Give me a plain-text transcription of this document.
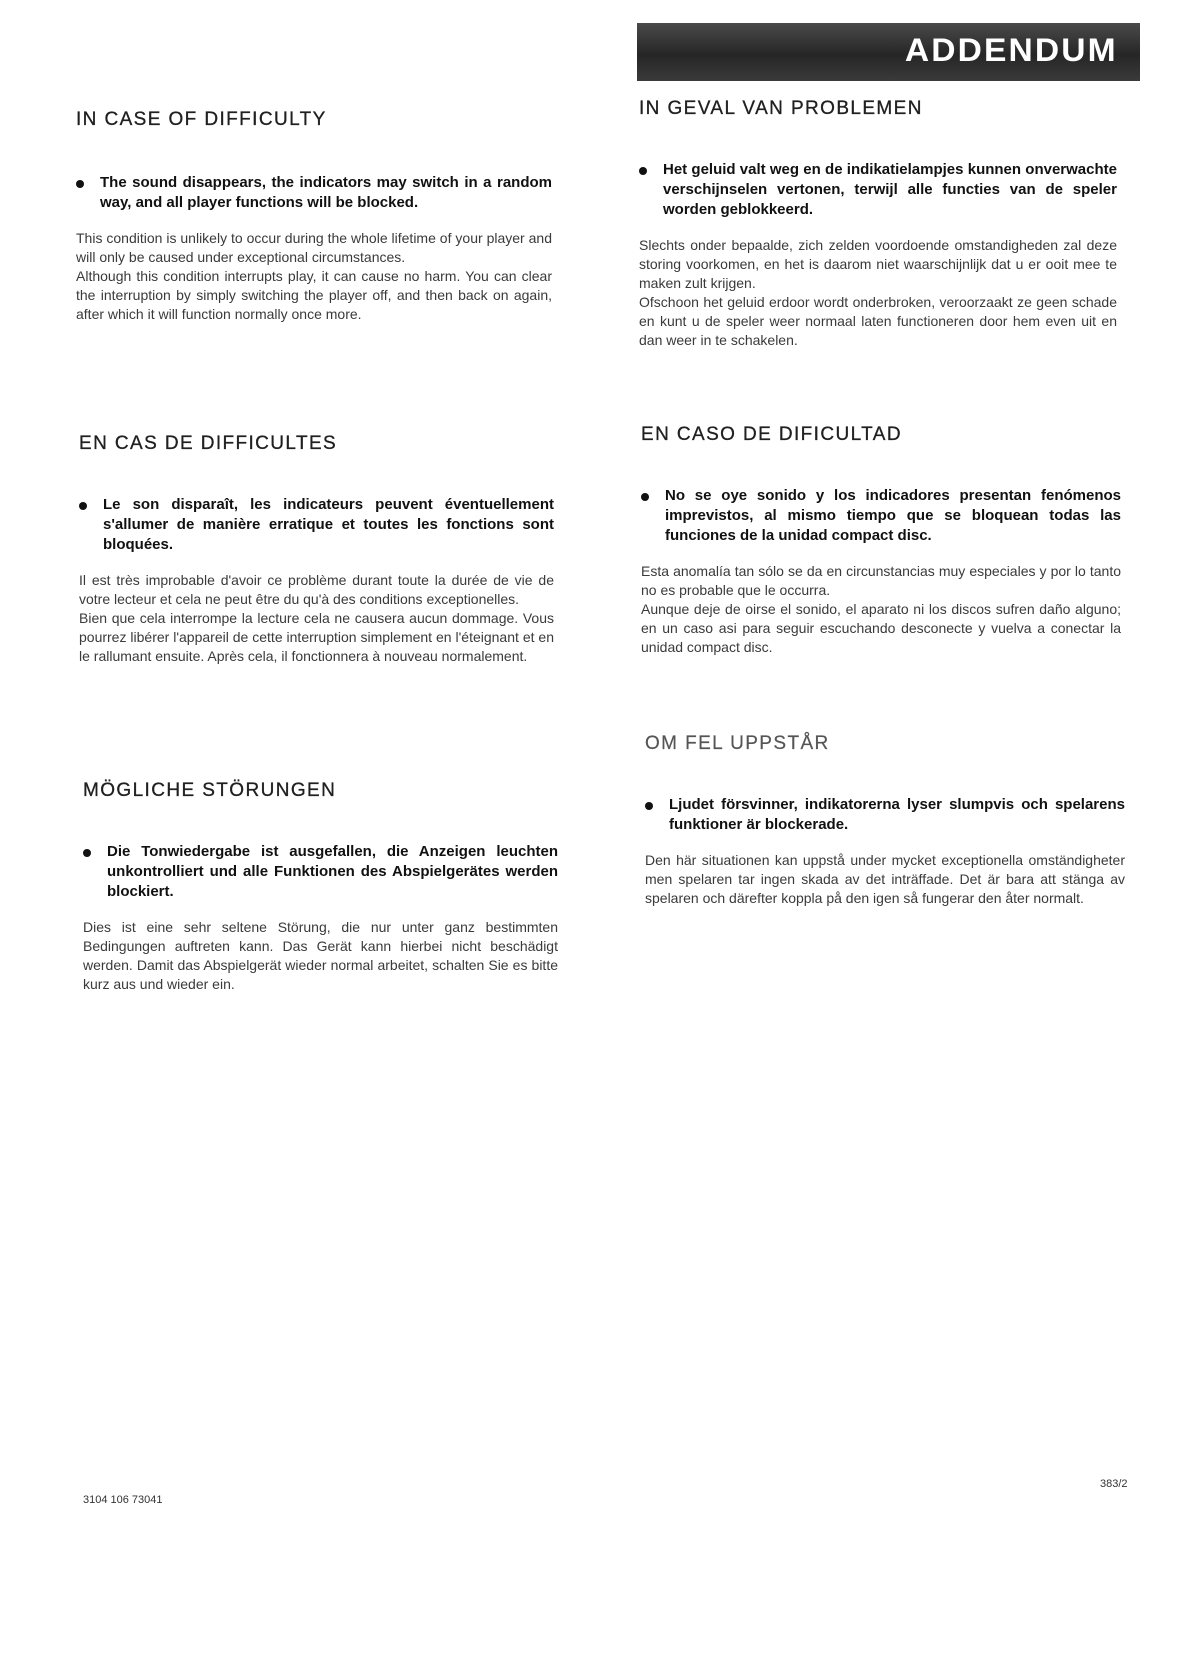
ADDENDUM
IN CASE OF DIFFICULTY
The sound disappears, the indicators may switch in a random way, and all player functions will be blocked.
This condition is unlikely to occur during the whole lifetime of your player and will only be caused under exceptional circumstances.
Although this condition interrupts play, it can cause no harm. You can clear the interruption by simply switching the player off, and then back on again, after which it will function normally once more.
IN GEVAL VAN PROBLEMEN
Het geluid valt weg en de indikatielampjes kunnen onverwachte verschijnselen vertonen, terwijl alle functies van de speler worden geblokkeerd.
Slechts onder bepaalde, zich zelden voordoende omstandigheden zal deze storing voorkomen, en het is daarom niet waarschijnlijk dat u er ooit mee te maken zult krijgen.
Ofschoon het geluid erdoor wordt onderbroken, veroorzaakt ze geen schade en kunt u de speler weer normaal laten functioneren door hem even uit en dan weer in te schakelen.
EN CAS DE DIFFICULTES
Le son disparaît, les indicateurs peuvent éventuellement s'allumer de manière erratique et toutes les fonctions sont bloquées.
Il est très improbable d'avoir ce problème durant toute la durée de vie de votre lecteur et cela ne peut être du qu'à des conditions exceptionelles.
Bien que cela interrompe la lecture cela ne causera aucun dommage. Vous pourrez libérer l'appareil de cette interruption simplement en l'éteignant et en le rallumant ensuite. Après cela, il fonctionnera à nouveau normalement.
EN CASO DE DIFICULTAD
No se oye sonido y los indicadores presentan fenómenos imprevistos, al mismo tiempo que se bloquean todas las funciones de la unidad compact disc.
Esta anomalía tan sólo se da en circunstancias muy especiales y por lo tanto no es probable que le occurra.
Aunque deje de oirse el sonido, el aparato ni los discos sufren daño alguno; en un caso asi para seguir escuchando desconecte y vuelva a conectar la unidad compact disc.
MÖGLICHE STÖRUNGEN
Die Tonwiedergabe ist ausgefallen, die Anzeigen leuchten unkontrolliert und alle Funktionen des Abspielgerätes werden blockiert.
Dies ist eine sehr seltene Störung, die nur unter ganz bestimmten Bedingungen auftreten kann. Das Gerät kann hierbei nicht beschädigt werden. Damit das Abspielgerät wieder normal arbeitet, schalten Sie es bitte kurz aus und wieder ein.
OM FEL UPPSTÅR
Ljudet försvinner, indikatorerna lyser slumpvis och spelarens funktioner är blockerade.
Den här situationen kan uppstå under mycket exceptionella omständigheter men spelaren tar ingen skada av det inträffade. Det är bara att stänga av spelaren och därefter koppla på den igen så fungerar den åter normalt.
3104 106 73041
383/2
